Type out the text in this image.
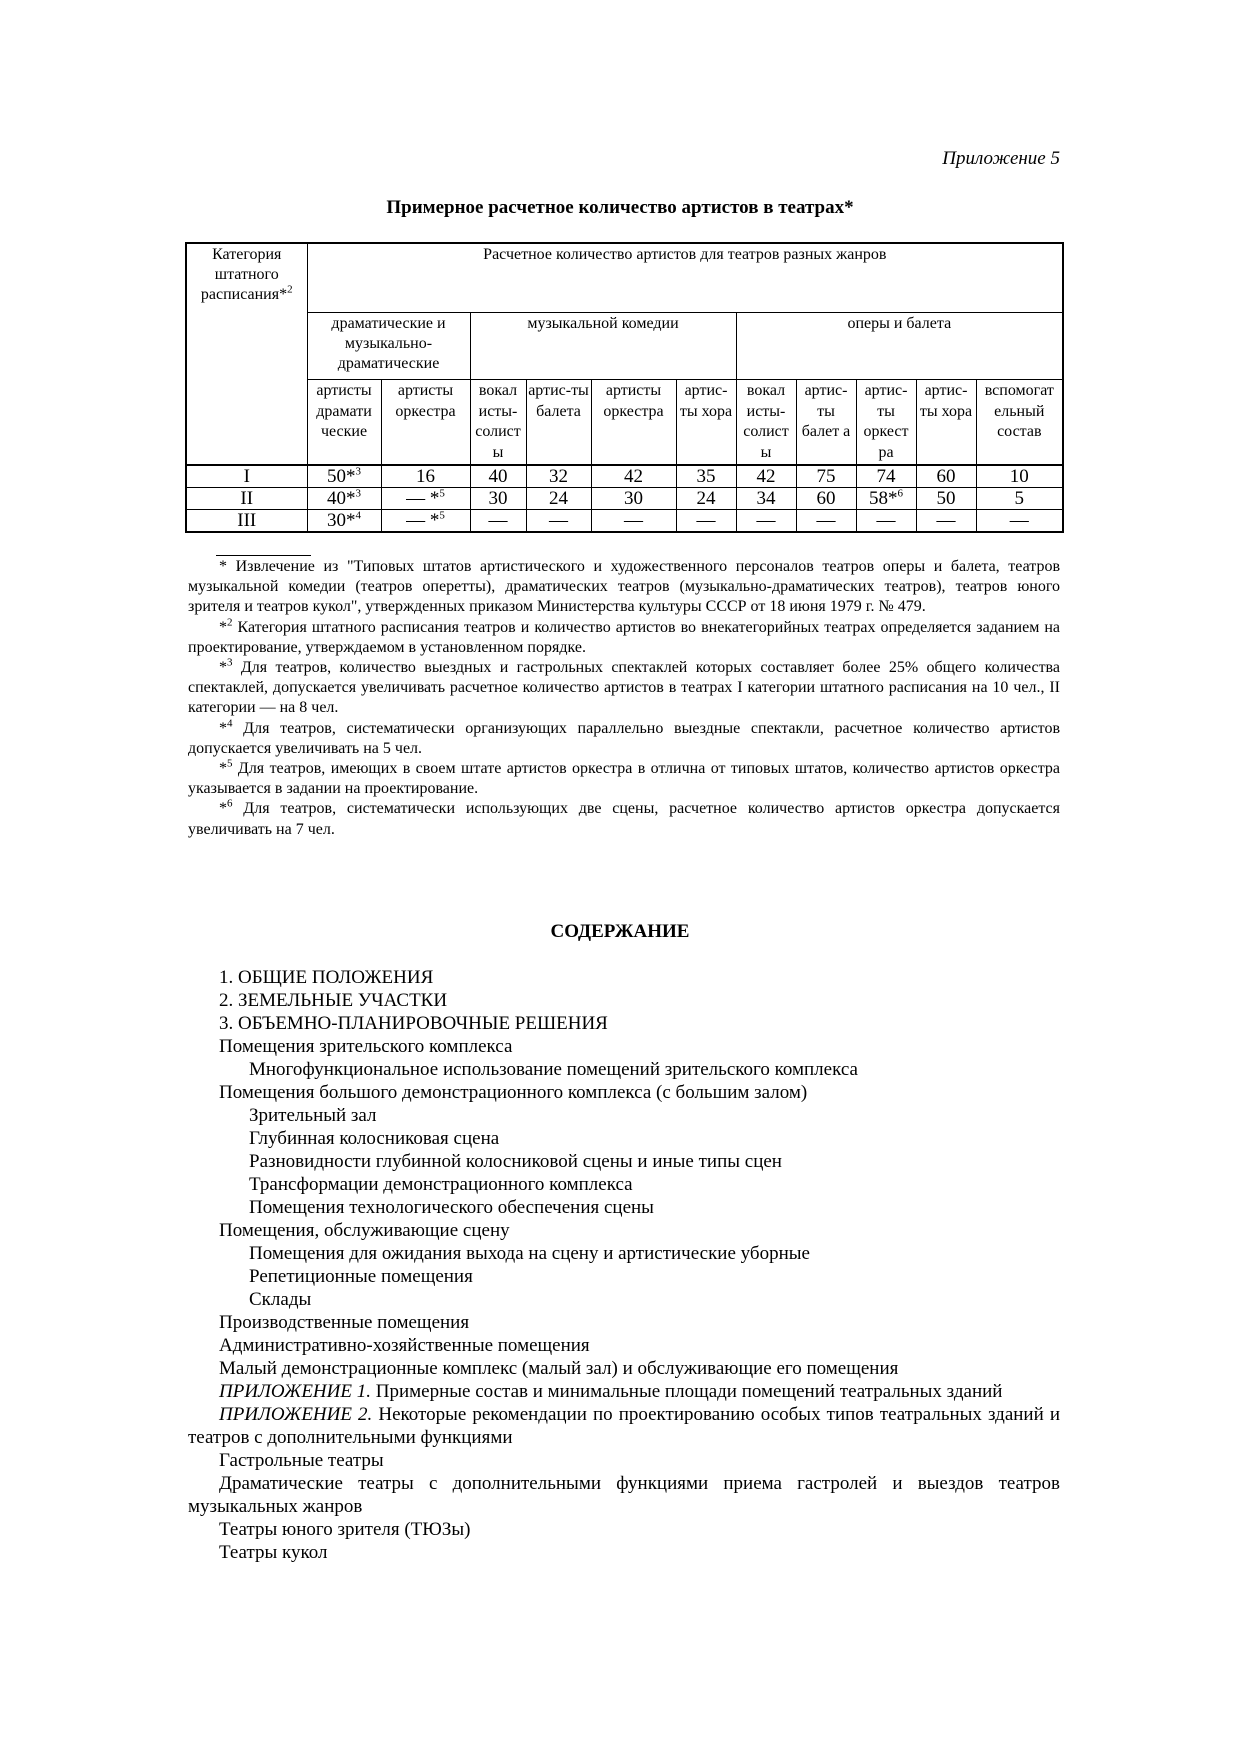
Приложение 5
Примерное расчетное количество артистов в театрах*
Категория штатного расписания*$^2$	Расчетное количество артистов для театров разных жанров										
	драматические и музыкально-драматические		музыкальной комедии				оперы и балета				
	артисты драмати ческие	артисты оркестра	вокал исты-солист ы	артис-ты балета	артисты оркестра	артис-ты хора	вокал исты-солист ы	артис-ты балет а	артис-ты оркест ра	артис-ты хора	вспомогат ельный состав
I	50*$^3$	16	40	32	42	35	42	75	74	60	10
II	40*$^3$	— *$^5$	30	24	30	24	34	60	58*$^6$	50	5
III	30*$^4$	— *$^5$	—	—	—	—	—	—	—	—	—

* Извлечение из "Типовых штатов артистического и художественного персоналов театров оперы и балета, театров музыкальной комедии (театров оперетты), драматических театров (музыкально-драматических театров), театров юного зрителя и театров кукол", утвержденных приказом Министерства культуры СССР от 18 июня 1979 г. № 479.

*$^2$ Категория штатного расписания театров и количество артистов во внекатегорийных театрах определяется заданием на проектирование, утверждаемом в установленном порядке.

*$^3$ Для театров, количество выездных и гастрольных спектаклей которых составляет более 25% общего количества спектаклей, допускается увеличивать расчетное количество артистов в театрах I категории штатного расписания на 10 чел., II категории — на 8 чел.

*$^4$ Для театров, систематически организующих параллельно выездные спектакли, расчетное количество артистов допускается увеличивать на 5 чел.

*$^5$ Для театров, имеющих в своем штате артистов оркестра в отлична от типовых штатов, количество артистов оркестра указывается в задании на проектирование.

*$^6$ Для театров, систематически использующих две сцены, расчетное количество артистов оркестра допускается увеличивать на 7 чел.

СОДЕРЖАНИЕ
1. ОБЩИЕ ПОЛОЖЕНИЯ
2. ЗЕМЕЛЬНЫЕ УЧАСТКИ
3. ОБЪЕМНО-ПЛАНИРОВОЧНЫЕ РЕШЕНИЯ
Помещения зрительского комплекса
Многофункциональное использование помещений зрительского комплекса
Помещения большого демонстрационного комплекса (с большим залом)
Зрительный зал
Глубинная колосниковая сцена
Разновидности глубинной колосниковой сцены и иные типы сцен
Трансформации демонстрационного комплекса
Помещения технологического обеспечения сцены
Помещения, обслуживающие сцену
Помещения для ожидания выхода на сцену и артистические уборные
Репетиционные помещения
Склады
Производственные помещения
Административно-хозяйственные помещения
Малый демонстрационные комплекс (малый зал) и обслуживающие его помещения
ПРИЛОЖЕНИЕ 1. Примерные состав и минимальные площади помещений театральных зданий
ПРИЛОЖЕНИЕ 2. Некоторые рекомендации по проектированию особых типов театральных зданий и театров с дополнительными функциями
Гастрольные театры
Драматические театры с дополнительными функциями приема гастролей и выездов театров музыкальных жанров
Театры юного зрителя (ТЮЗы)
Театры кукол
